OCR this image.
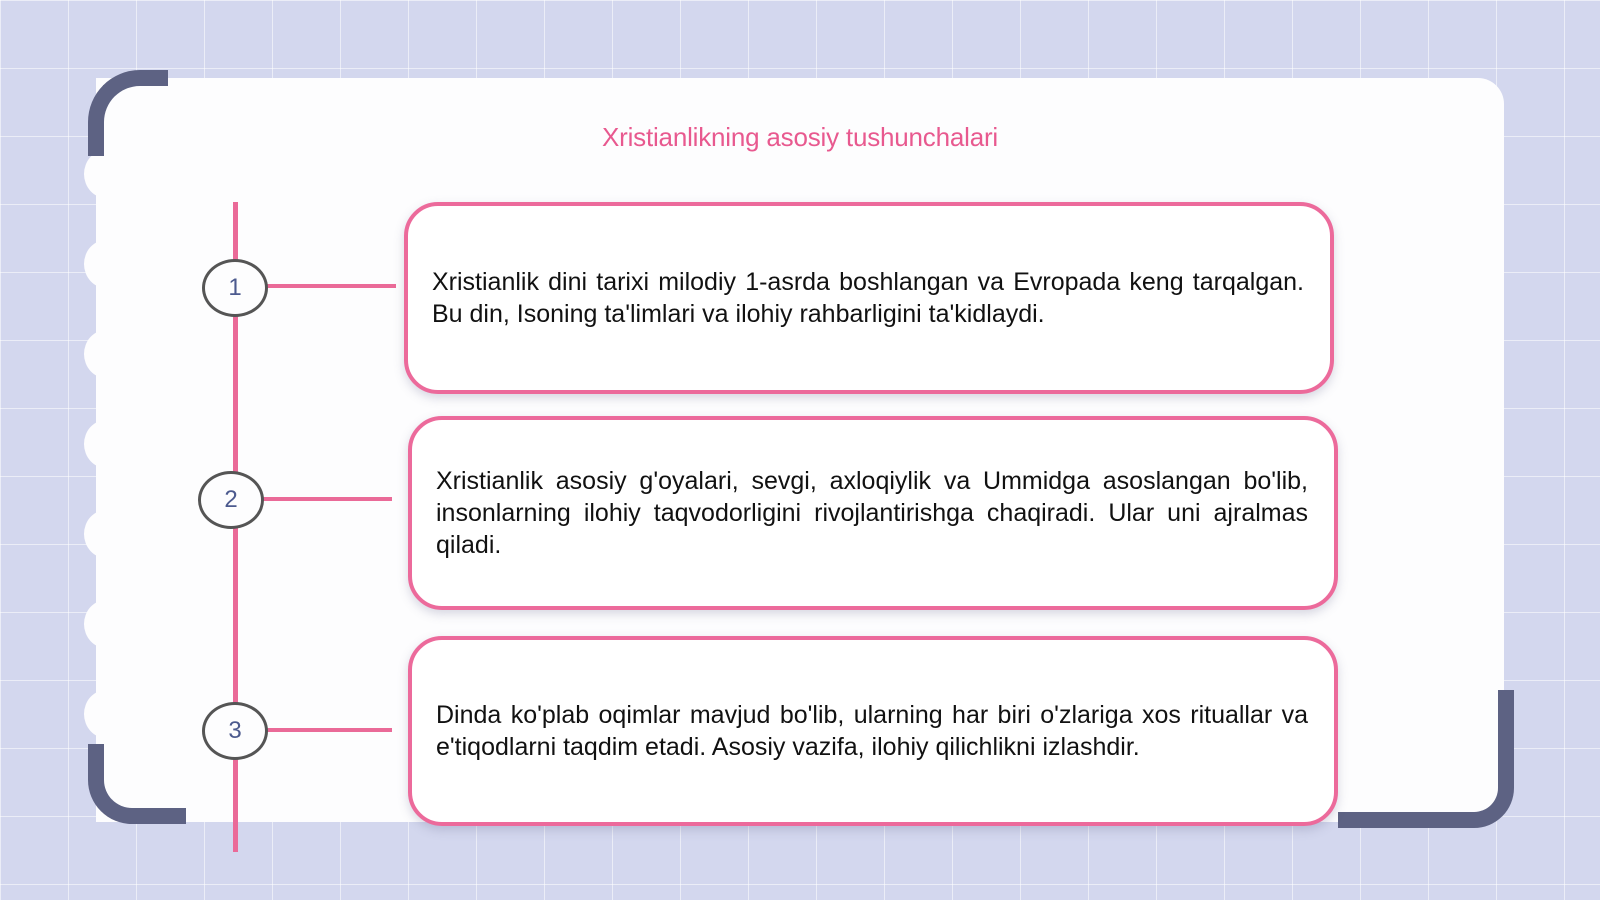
Xristianlikning asosiy tushunchalari
1	Xristianlik dini tarixi milodiy 1-asrda boshlangan va Evropada keng tarqalgan. Bu din, Isoning ta'limlari va ilohiy rahbarligini ta'kidlaydi.
2
Xristianlik asosiy g'oyalari, sevgi, axloqiylik va Ummidga asoslangan bo'lib, insonlarning ilohiy taqvodorligini rivojlantirishga chaqiradi. Ular uni ajralmas qiladi.
3
Dinda ko'plab oqimlar mavjud bo'lib, ularning har biri o'zlariga xos rituallar va e'tiqodlarni taqdim etadi. Asosiy vazifa, ilohiy qilichlikni izlashdir.
